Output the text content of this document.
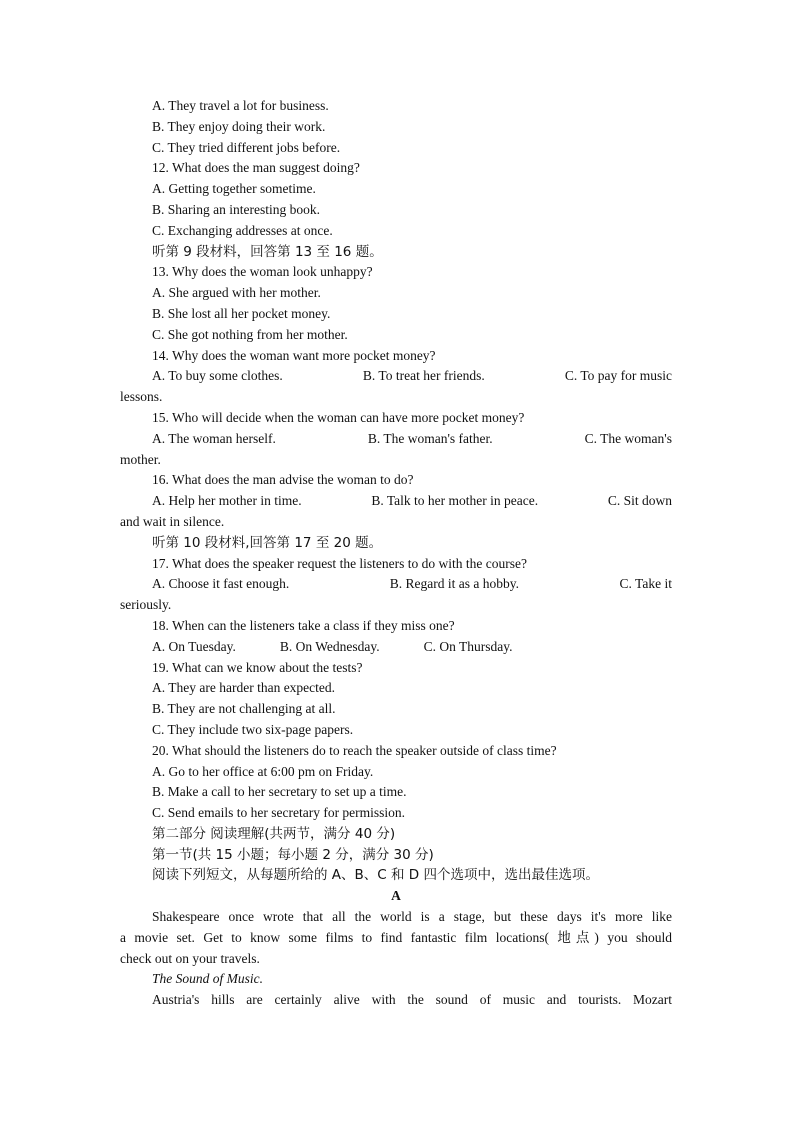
A. They travel a lot for business.
B. They enjoy doing their work.
C. They tried different jobs before.
12. What does the man suggest doing?
A. Getting together sometime.
B. Sharing an interesting book.
C. Exchanging addresses at once.
听第 9 段材料，回答第 13 至 16 题。
13. Why does the woman look unhappy?
A. She argued with her mother.
B. She lost all her pocket money.
C. She got nothing from her mother.
14. Why does the woman want more pocket money?
A. To buy some clothes.	B. To treat her friends.	C. To pay for music
lessons.
15. Who will decide when the woman can have more pocket money?
A. The woman herself.	B. The woman's father.	C. The woman's
mother.
16. What does the man advise the woman to do?
A. Help her mother in time.	B. Talk to her mother in peace.	C. Sit down
and wait in silence.
听第 10 段材料,回答第 17 至 20 题。
17. What does the speaker request the listeners to do with the course?
A. Choose it fast enough.	B. Regard it as a hobby.	C. Take it
seriously.
18. When can the listeners take a class if they miss one?
A. On Tuesday.	B. On Wednesday.	C. On Thursday.
19. What can we know about the tests?
A. They are harder than expected.
B. They are not challenging at all.
C. They include two six-page papers.
20. What should the listeners do to reach the speaker outside of class time?
A. Go to her office at 6:00 pm on Friday.
B. Make a call to her secretary to set up a time.
C. Send emails to her secretary for permission.
第二部分 阅读理解(共两节，满分 40 分)
第一节(共 15 小题；每小题 2 分，满分 30 分)
阅读下列短文，从每题所给的 A、B、C 和 D 四个选项中，选出最佳选项。
A
Shakespeare once wrote that all the world is a stage, but these days it's more like
a movie set. Get to know some films to find fantastic film locations( 地点) you should
check out on your travels.
The Sound of Music.
Austria's hills are certainly alive with the sound of music and tourists. Mozart
